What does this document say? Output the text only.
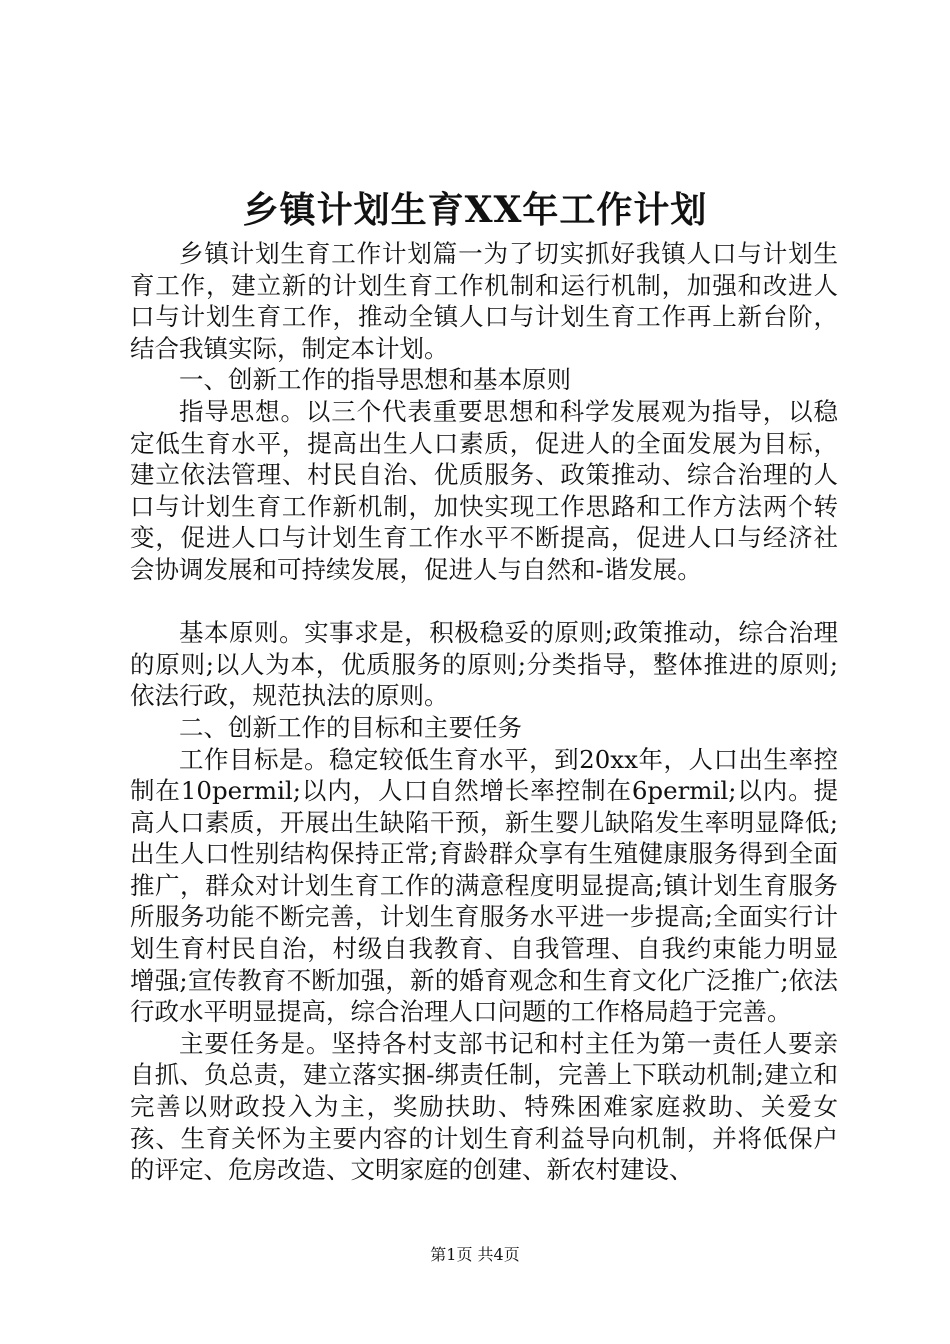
乡镇计划生育XX年工作计划

乡镇计划生育工作计划篇一为了切实抓好我镇人口与计划生育工作，建立新的计划生育工作机制和运行机制，加强和改进人口与计划生育工作，推动全镇人口与计划生育工作再上新台阶，结合我镇实际，制定本计划。

一、创新工作的指导思想和基本原则

指导思想。以三个代表重要思想和科学发展观为指导，以稳定低生育水平，提高出生人口素质，促进人的全面发展为目标，建立依法管理、村民自治、优质服务、政策推动、综合治理的人口与计划生育工作新机制，加快实现工作思路和工作方法两个转变，促进人口与计划生育工作水平不断提高，促进人口与经济社会协调发展和可持续发展，促进人与自然和-谐发展。

基本原则。实事求是，积极稳妥的原则;政策推动，综合治理的原则;以人为本，优质服务的原则;分类指导，整体推进的原则;依法行政，规范执法的原则。

二、创新工作的目标和主要任务

工作目标是。稳定较低生育水平，到20xx年，人口出生率控制在10permil;以内，人口自然增长率控制在6permil;以内。提高人口素质，开展出生缺陷干预，新生婴儿缺陷发生率明显降低;出生人口性别结构保持正常;育龄群众享有生殖健康服务得到全面推广，群众对计划生育工作的满意程度明显提高;镇计划生育服务所服务功能不断完善，计划生育服务水平进一步提高;全面实行计划生育村民自治，村级自我教育、自我管理、自我约束能力明显增强;宣传教育不断加强，新的婚育观念和生育文化广泛推广;依法行政水平明显提高，综合治理人口问题的工作格局趋于完善。

主要任务是。坚持各村支部书记和村主任为第一责任人要亲自抓、负总责，建立落实捆-绑责任制，完善上下联动机制;建立和完善以财政投入为主，奖励扶助、特殊困难家庭救助、关爱女孩、生育关怀为主要内容的计划生育利益导向机制，并将低保户的评定、危房改造、文明家庭的创建、新农村建设、

第1页 共4页
